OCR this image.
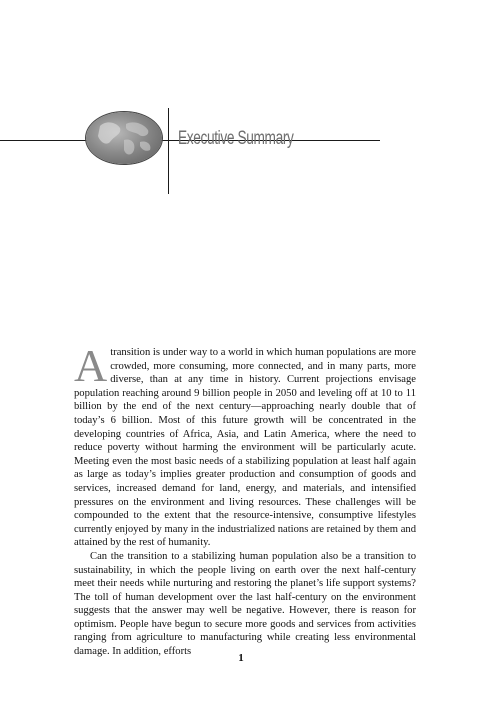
Executive Summary

Atransition is under way to a world in which human populations are more crowded, more consuming, more connected, and in many parts, more diverse, than at any time in history. Current projections envisage population reaching around 9 billion people in 2050 and leveling off at 10 to 11 billion by the end of the next century—approaching nearly double that of today’s 6 billion. Most of this future growth will be concentrated in the developing countries of Africa, Asia, and Latin America, where the need to reduce poverty without harming the environment will be particularly acute. Meeting even the most basic needs of a stabilizing population at least half again as large as today’s implies greater production and consumption of goods and services, increased demand for land, energy, and materials, and intensified pressures on the environment and living resources. These challenges will be compounded to the extent that the resource-intensive, consumptive lifestyles currently enjoyed by many in the industrialized nations are retained by them and attained by the rest of humanity.

Can the transition to a stabilizing human population also be a transition to sustainability, in which the people living on earth over the next half-century meet their needs while nurturing and restoring the planet’s life support systems? The toll of human development over the last half-century on the environment suggests that the answer may well be negative. However, there is reason for optimism. People have begun to secure more goods and services from activities ranging from agriculture to manufacturing while creating less environmental damage. In addition, efforts

1
